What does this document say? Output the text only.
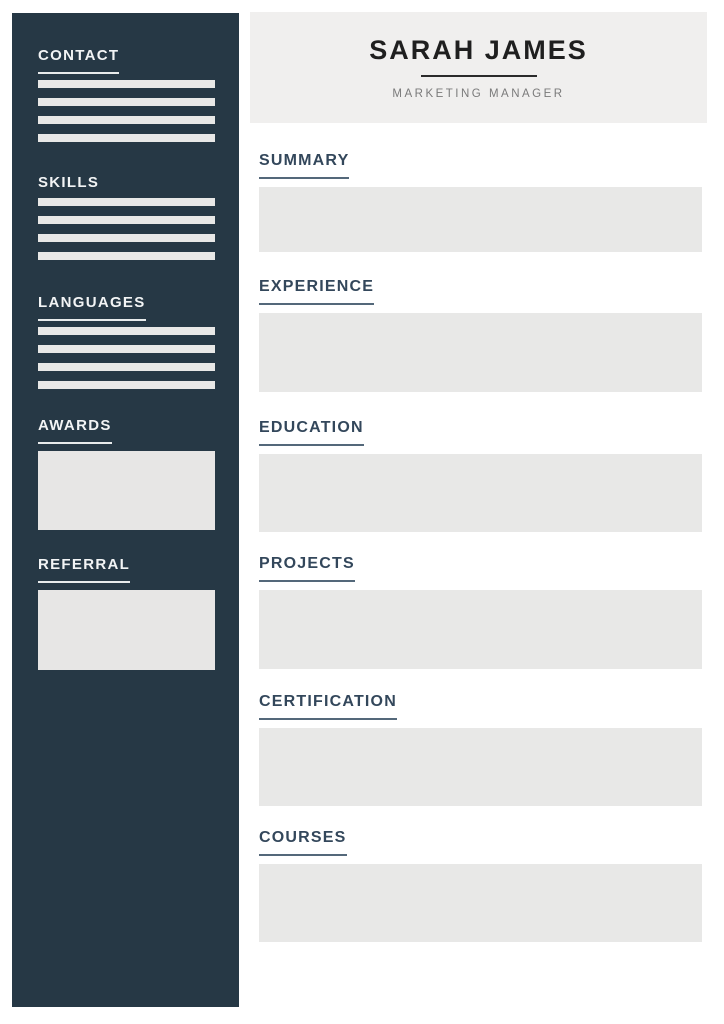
CONTACT
SKILLS
LANGUAGES
AWARDS
REFERRAL
SARAH JAMES

MARKETING MANAGER

SUMMARY
EXPERIENCE
EDUCATION
PROJECTS
CERTIFICATION
COURSES
